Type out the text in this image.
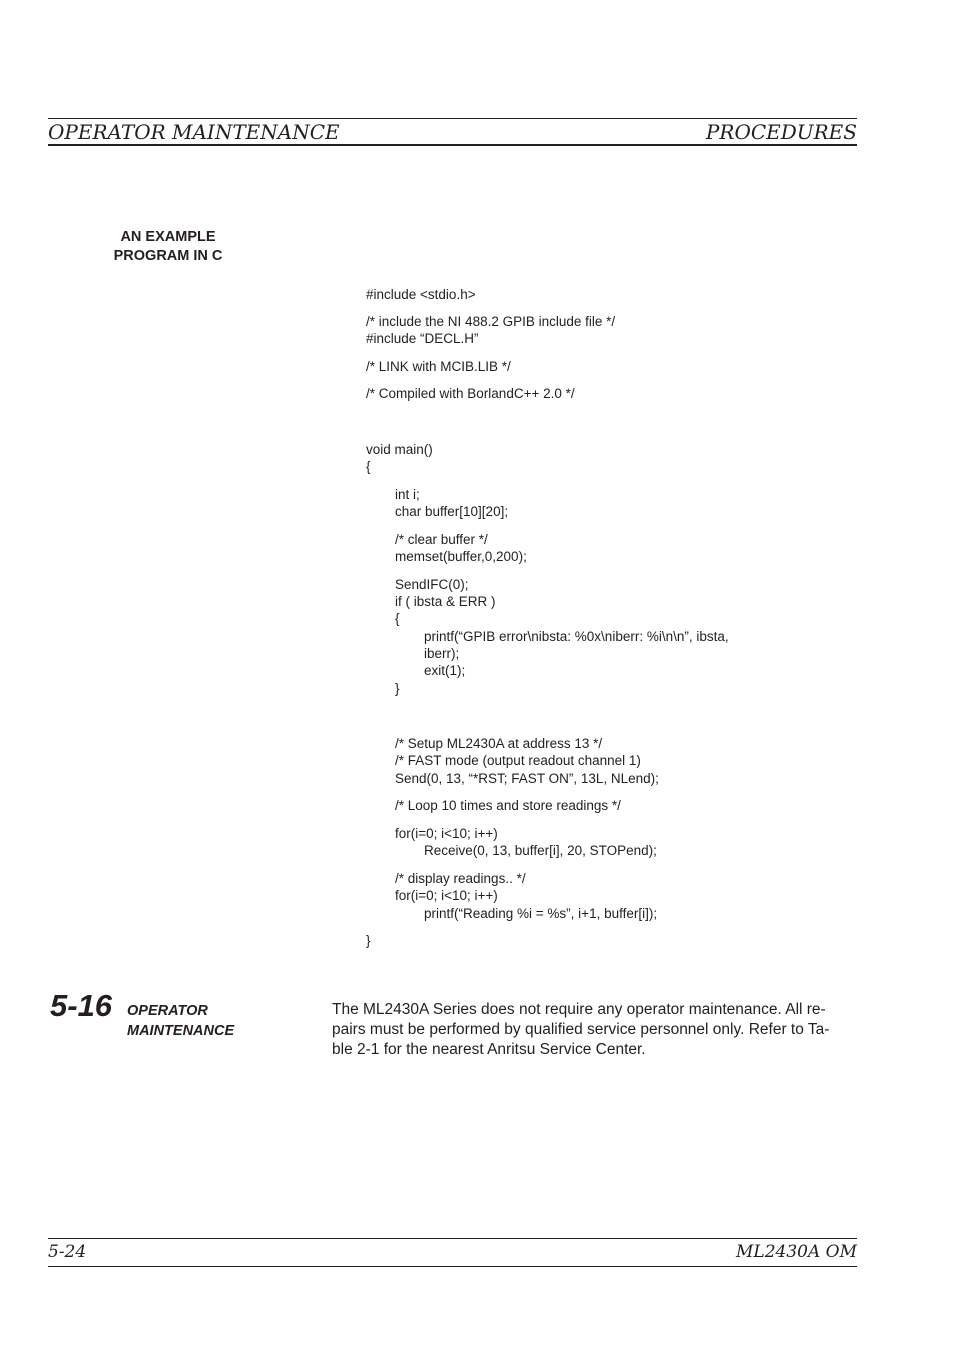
OPERATOR MAINTENANCE	PROCEDURES
AN EXAMPLE
PROGRAM IN C
#include <stdio.h>
/* include the NI 488.2 GPIB include file */
#include “DECL.H”
/* LINK with MCIB.LIB */
/* Compiled with BorlandC++ 2.0 */
void main()
{
int i;
char buffer[10][20];
/* clear buffer */
memset(buffer,0,200);
SendIFC(0);
if ( ibsta & ERR )
{
printf(“GPIB error\nibsta: %0x\niberr: %i\n\n”, ibsta,
iberr);
exit(1);
}
/* Setup ML2430A at address 13 */
/* FAST mode (output readout channel 1)
Send(0, 13, “*RST; FAST ON”, 13L, NLend);
/* Loop 10 times and store readings */
for(i=0; i<10; i++)
Receive(0, 13, buffer[i], 20, STOPend);
/* display readings.. */
for(i=0; i<10; i++)
printf(“Reading %i = %s”, i+1, buffer[i]);
}
5-16 OPERATOR
MAINTENANCE
The ML2430A Series does not require any operator maintenance. All re-
pairs must be performed by qualified service personnel only. Refer to Ta-
ble 2-1 for the nearest Anritsu Service Center.
5-24	ML2430A OM
